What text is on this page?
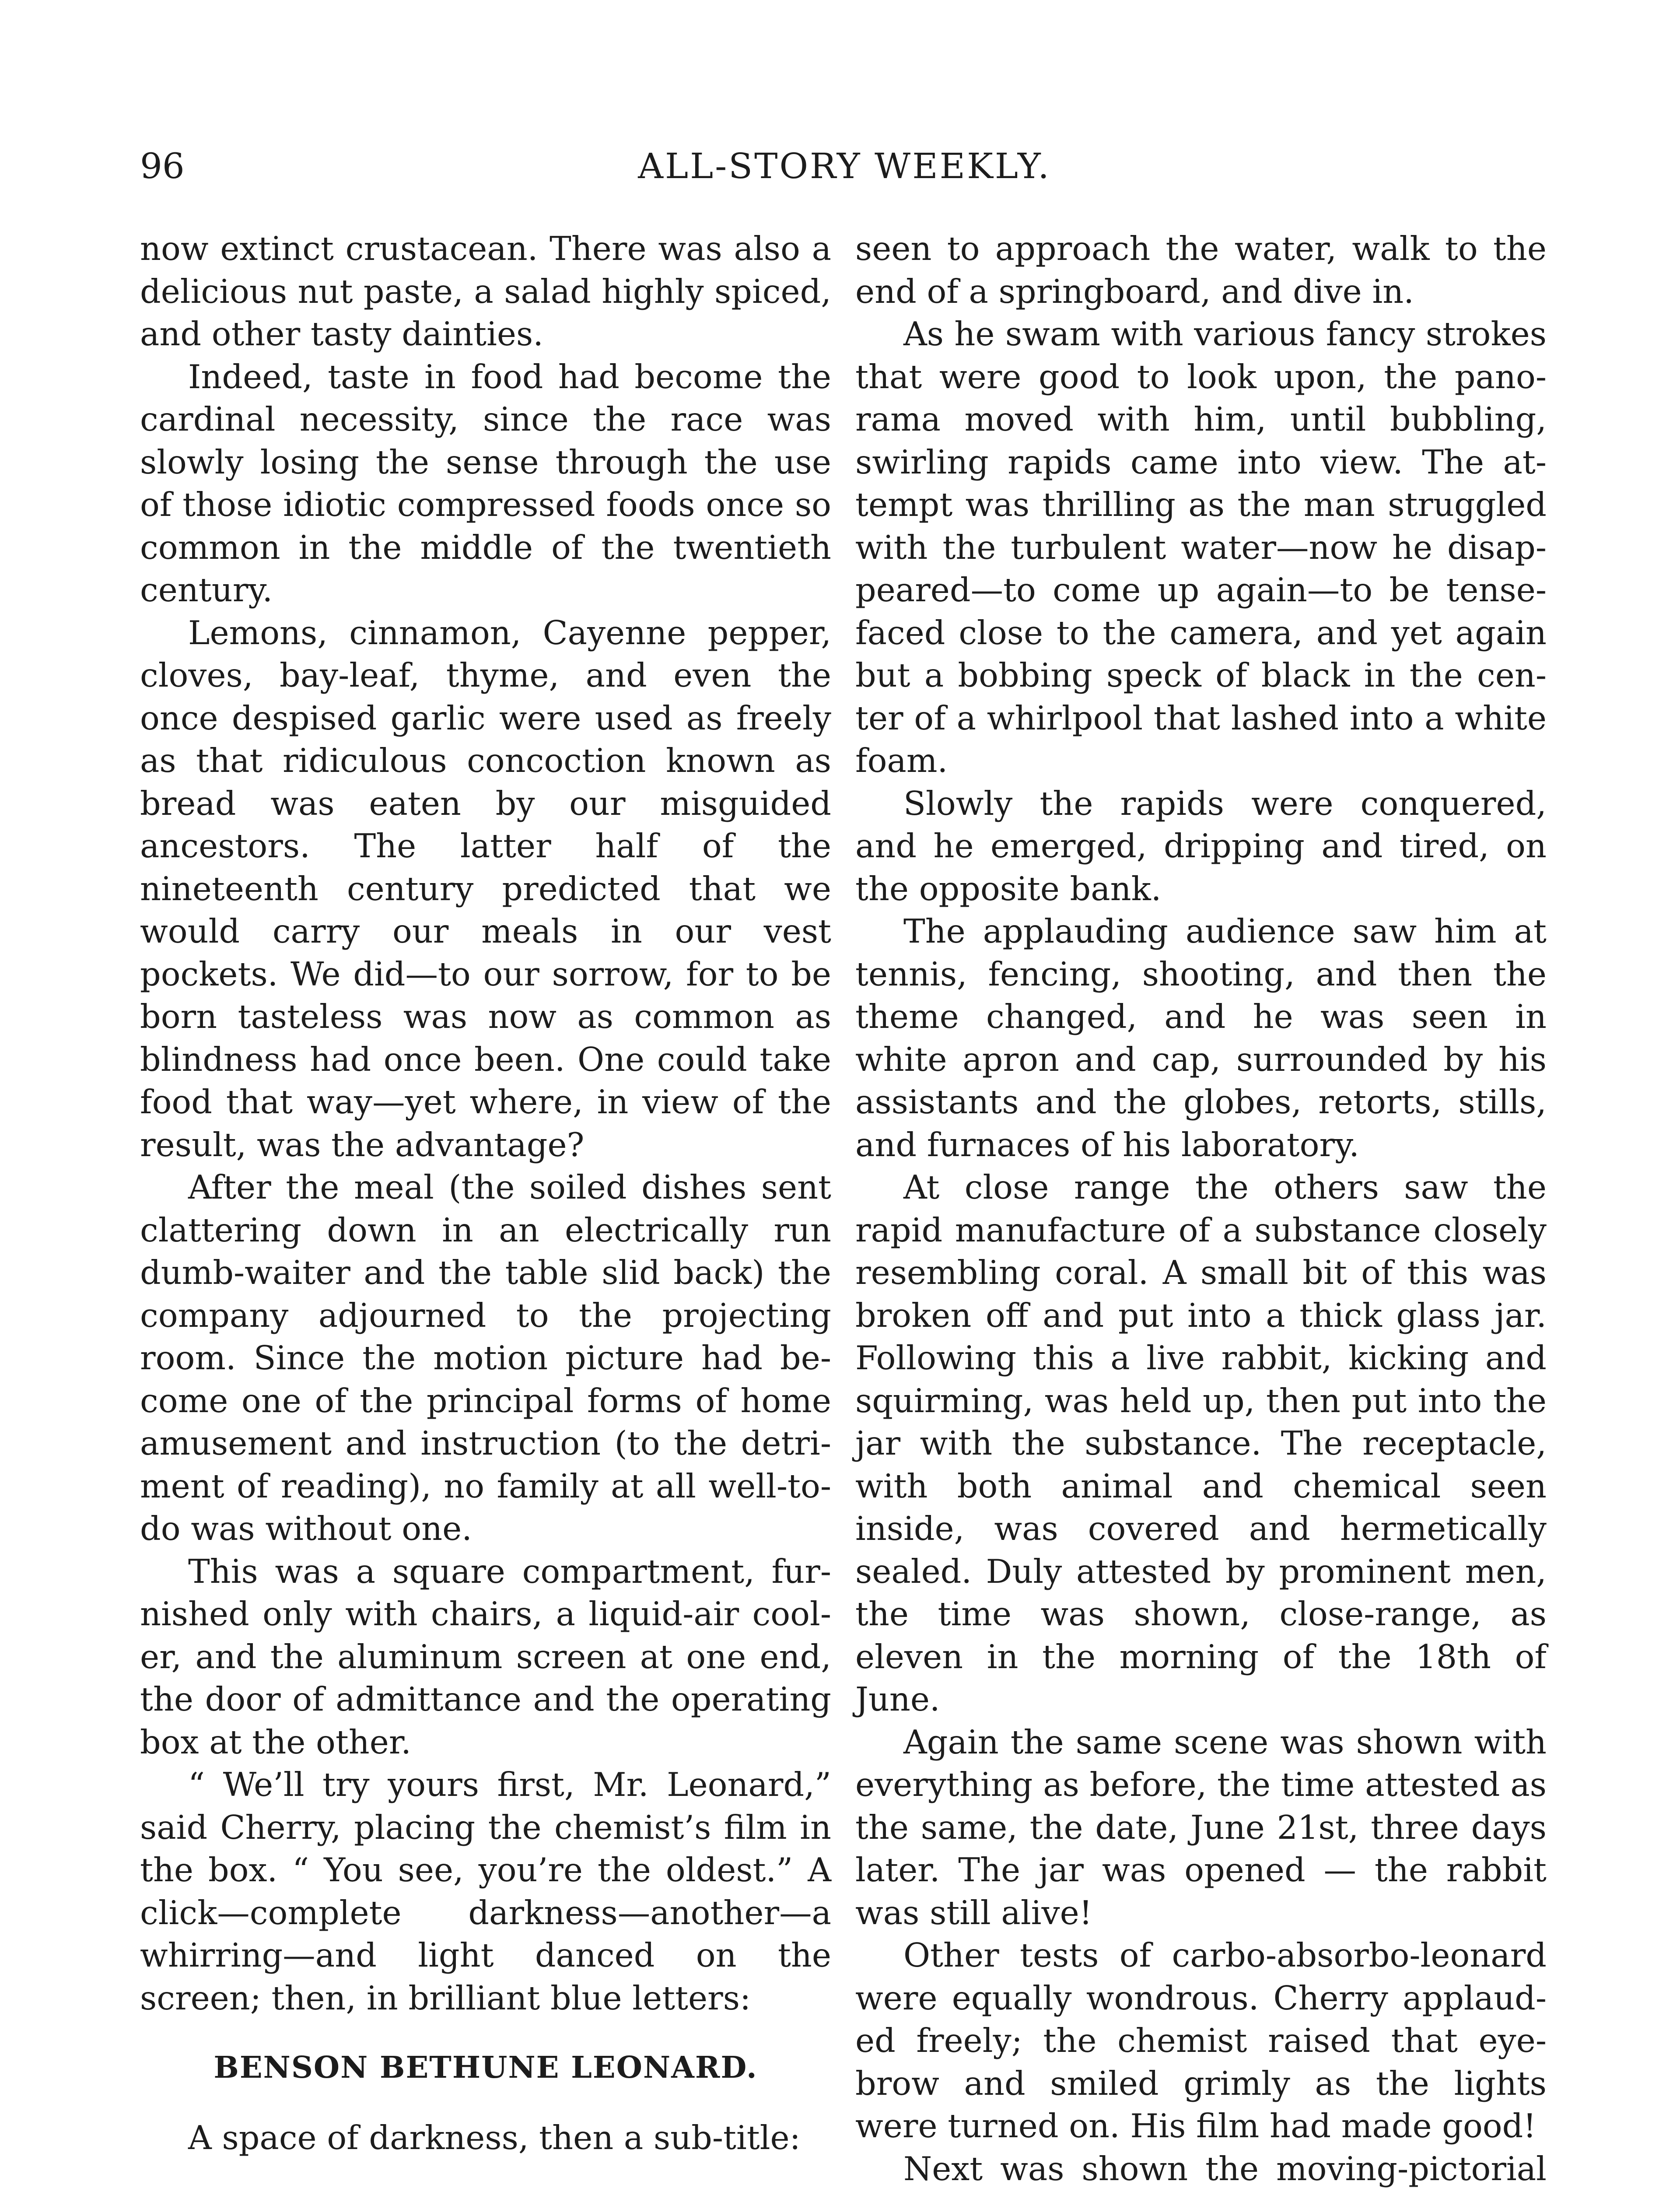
ALL-STORY WEEKLY.
96

now extinct crustacean. There was also a delicious nut paste, a salad highly spiced, and other tasty dainties.

Indeed, taste in food had become the cardinal necessity, since the race was slowly losing the sense through the use of those idiotic compressed foods once so common in the middle of the twentieth century.

Lemons, cinnamon, Cayenne pepper, cloves, bay-leaf, thyme, and even the once despised garlic were used as freely as that ridiculous concoction known as bread was eaten by our misguided ancestors. The latter half of the nineteenth century predicted that we would carry our meals in our vest pockets. We did—to our sorrow, for to be born tasteless was now as common as blindness had once been. One could take food that way—yet where, in view of the result, was the advantage?

After the meal (the soiled dishes sent clattering down in an electrically run dumb-waiter and the table slid back) the company adjourned to the projecting room. Since the motion picture had become one of the principal forms of home amusement and instruction (to the detriment of reading), no family at all well-to-do was without one.

This was a square compartment, furnished only with chairs, a liquid-air cooler, and the aluminum screen at one end, the door of admittance and the operating box at the other.

“ We’ll try yours first, Mr. Leonard,” said Cherry, placing the chemist’s film in the box. “ You see, you’re the oldest.” A click—complete darkness—another—a whirring—and light danced on the screen; then, in brilliant blue letters:

BENSON BETHUNE LEONARD.

A space of darkness, then a sub-title:

seen to approach the water, walk to the end of a springboard, and dive in.

As he swam with various fancy strokes that were good to look upon, the panorama moved with him, until bubbling, swirling rapids came into view. The attempt was thrilling as the man struggled with the turbulent water—now he disappeared—to come up again—to be tense-faced close to the camera, and yet again but a bobbing speck of black in the center of a whirlpool that lashed into a white foam.

Slowly the rapids were conquered, and he emerged, dripping and tired, on the opposite bank.

The applauding audience saw him at tennis, fencing, shooting, and then the theme changed, and he was seen in white apron and cap, surrounded by his assistants and the globes, retorts, stills, and furnaces of his laboratory.

At close range the others saw the rapid manufacture of a substance closely resembling coral. A small bit of this was broken off and put into a thick glass jar. Following this a live rabbit, kicking and squirming, was held up, then put into the jar with the substance. The receptacle, with both animal and chemical seen inside, was covered and hermetically sealed. Duly attested by prominent men, the time was shown, close-range, as eleven in the morning of the 18th of June.

Again the same scene was shown with everything as before, the time attested as the same, the date, June 21st, three days later. The jar was opened — the rabbit was still alive!

Other tests of carbo-absorbo-leonard were equally wondrous. Cherry applauded freely; the chemist raised that eyebrow and smiled grimly as the lights were turned on. His film had made good!

Next was shown the moving-pictorial
